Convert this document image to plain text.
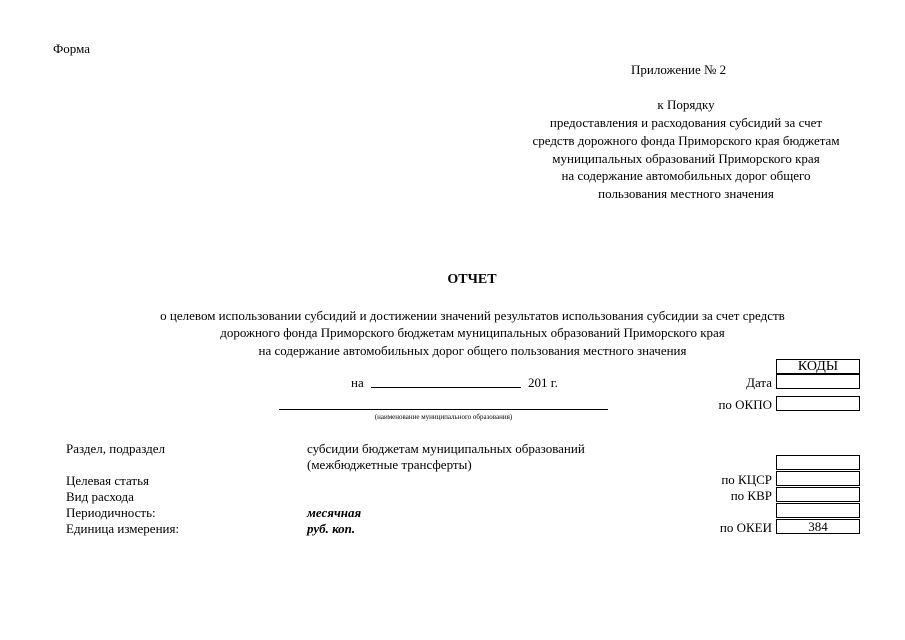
Форма
Приложение № 2
к Порядку
предоставления и расходования субсидий за счет
средств дорожного фонда Приморского края бюджетам
муниципальных образований Приморского края
на содержание автомобильных дорог общего
пользования местного значения
ОТЧЕТ
о целевом использовании субсидий и достижении значений результатов использования субсидии за счет средств
дорожного фонда Приморского бюджетам муниципальных образований Приморского края
на содержание автомобильных дорог общего пользования местного значения
на	201 г.
(наименование муниципального образования)
КОДЫ
Дата
по ОКПО
по КЦСР
по КВР
по ОКЕИ	384
Раздел, подраздел	субсидии бюджетам муниципальных образований
(межбюджетные трансферты)
Целевая статья
Вид расхода
Периодичность:	месячная
Единица измерения:	руб. коп.
